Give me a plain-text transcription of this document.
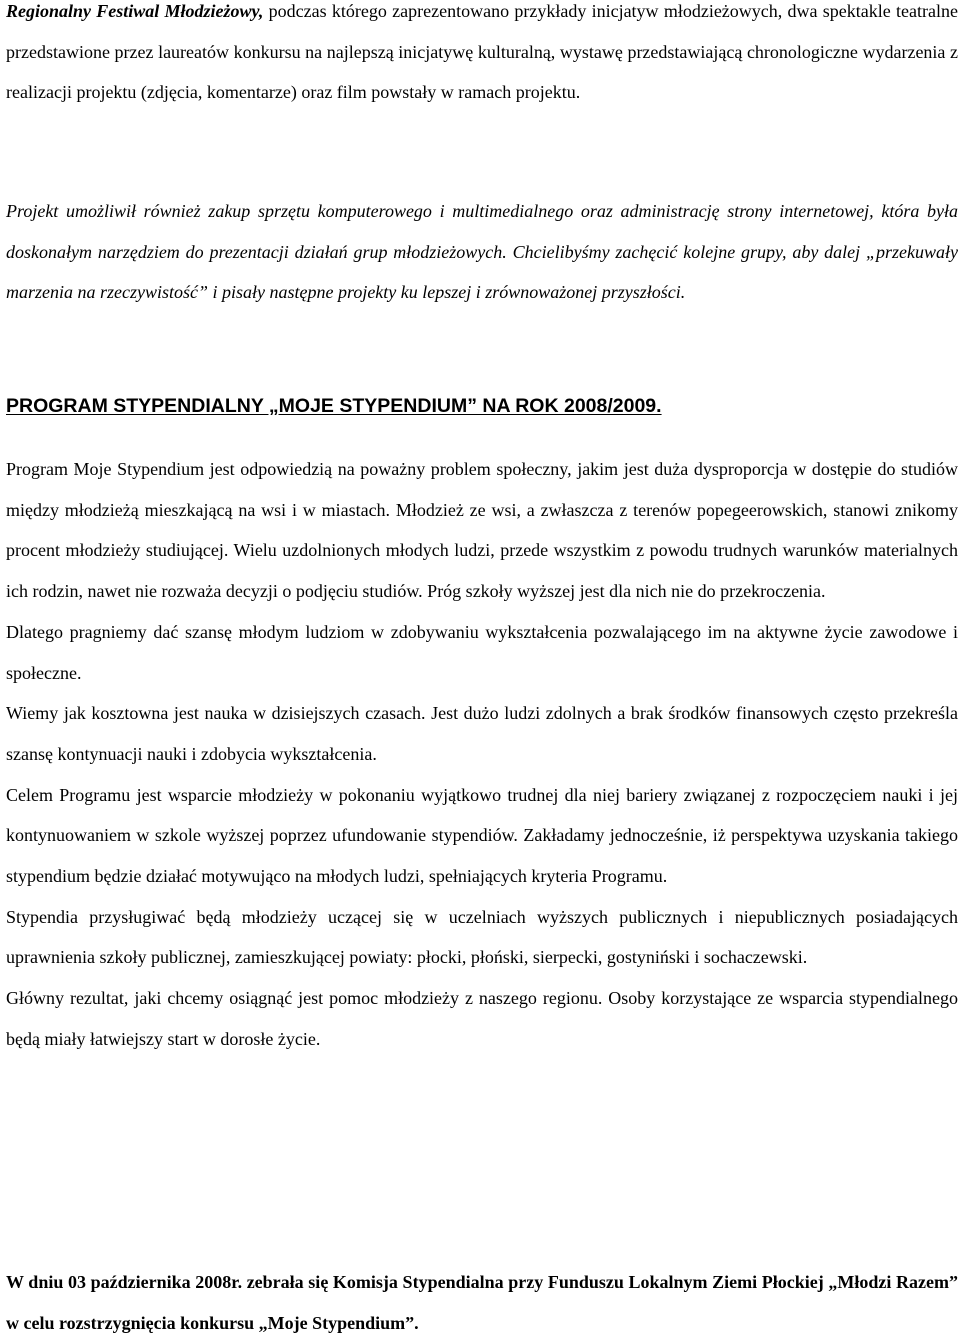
Regionalny Festiwal Młodzieżowy, podczas którego zaprezentowano przykłady inicjatyw młodzieżowych, dwa spektakle teatralne przedstawione przez laureatów konkursu na najlepszą inicjatywę kulturalną, wystawę przedstawiającą chronologiczne wydarzenia z realizacji projektu (zdjęcia, komentarze) oraz film powstały w ramach projektu.

Projekt umożliwił również zakup sprzętu komputerowego i multimedialnego oraz administrację strony internetowej, która była doskonałym narzędziem do prezentacji działań grup młodzieżowych. Chcielibyśmy zachęcić kolejne grupy, aby dalej „przekuwały marzenia na rzeczywistość” i pisały następne projekty ku lepszej i zrównoważonej przyszłości.

PROGRAM STYPENDIALNY „MOJE STYPENDIUM” NA ROK 2008/2009.

Program Moje Stypendium jest odpowiedzią na poważny problem społeczny, jakim jest duża dysproporcja w dostępie do studiów między młodzieżą mieszkającą na wsi i w miastach. Młodzież ze wsi, a zwłaszcza z terenów popegeerowskich, stanowi znikomy procent młodzieży studiującej. Wielu uzdolnionych młodych ludzi, przede wszystkim z powodu trudnych warunków materialnych ich rodzin, nawet nie rozważa decyzji o podjęciu studiów. Próg szkoły wyższej jest dla nich nie do przekroczenia.

Dlatego pragniemy dać szansę młodym ludziom w zdobywaniu wykształcenia pozwalającego im na aktywne życie zawodowe i społeczne.

Wiemy jak kosztowna jest nauka w dzisiejszych czasach. Jest dużo ludzi zdolnych a brak środków finansowych często przekreśla szansę kontynuacji nauki i zdobycia wykształcenia.

Celem Programu jest wsparcie młodzieży w pokonaniu wyjątkowo trudnej dla niej bariery związanej z rozpoczęciem nauki i jej kontynuowaniem w szkole wyższej poprzez ufundowanie stypendiów. Zakładamy jednocześnie, iż perspektywa uzyskania takiego stypendium będzie działać motywująco na młodych ludzi, spełniających kryteria Programu.

Stypendia przysługiwać będą młodzieży uczącej się w uczelniach wyższych publicznych i niepublicznych posiadających uprawnienia szkoły publicznej, zamieszkującej powiaty: płocki, płoński, sierpecki, gostyniński i sochaczewski.

Główny rezultat, jaki chcemy osiągnąć jest pomoc młodzieży z naszego regionu. Osoby korzystające ze wsparcia stypendialnego będą miały łatwiejszy start w dorosłe życie.

W dniu 03 października 2008r. zebrała się Komisja Stypendialna przy Funduszu Lokalnym Ziemi Płockiej „Młodzi Razem” w celu rozstrzygnięcia konkursu „Moje Stypendium”.
